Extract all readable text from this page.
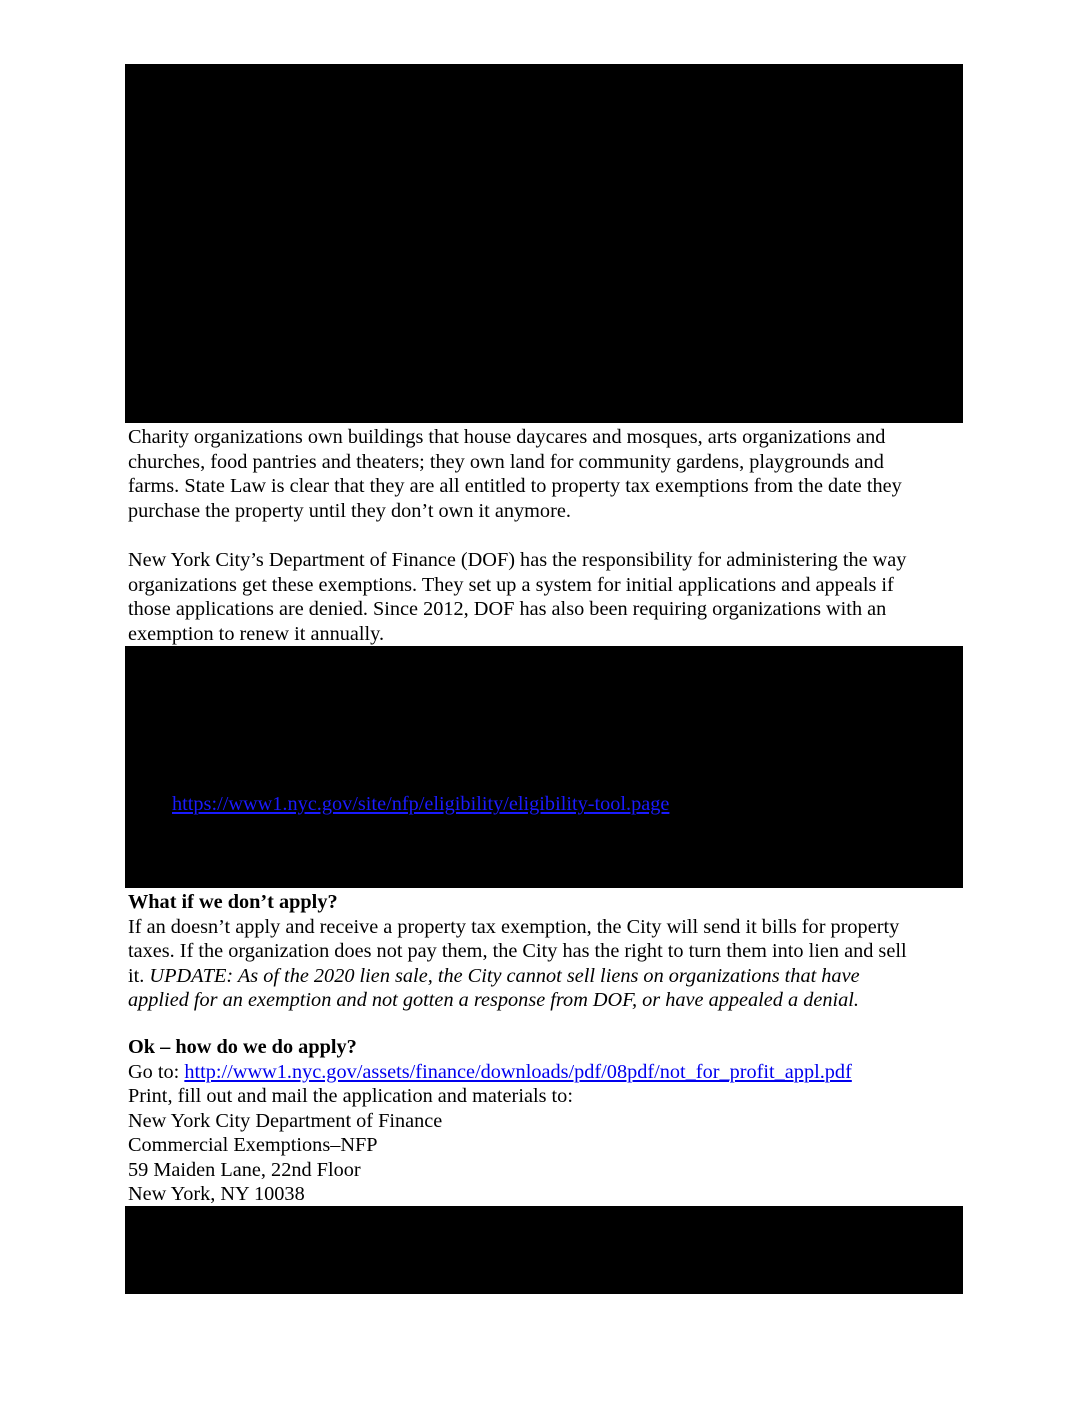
Charity organizations own buildings that house daycares and mosques, arts organizations and
churches, food pantries and theaters; they own land for community gardens, playgrounds and
farms. State Law is clear that they are all entitled to property tax exemptions from the date they
purchase the property until they don’t own it anymore.
New York City’s Department of Finance (DOF) has the responsibility for administering the way
organizations get these exemptions. They set up a system for initial applications and appeals if
those applications are denied. Since 2012, DOF has also been requiring organizations with an
exemption to renew it annually.
https://www1.nyc.gov/site/nfp/eligibility/eligibility-tool.page
What if we don’t apply?
If an doesn’t apply and receive a property tax exemption, the City will send it bills for property
taxes. If the organization does not pay them, the City has the right to turn them into lien and sell
it. UPDATE: As of the 2020 lien sale, the City cannot sell liens on organizations that have
applied for an exemption and not gotten a response from DOF, or have appealed a denial.
Ok – how do we do apply?
Go to: http://www1.nyc.gov/assets/finance/downloads/pdf/08pdf/not_for_profit_appl.pdf
Print, fill out and mail the application and materials to:
New York City Department of Finance
Commercial Exemptions–NFP
59 Maiden Lane, 22nd Floor
New York, NY 10038
